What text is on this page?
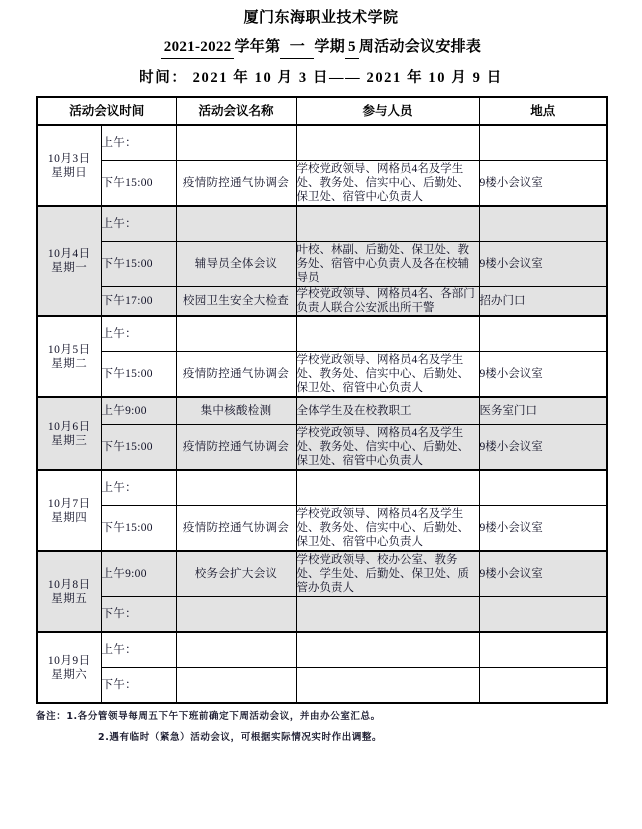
厦门东海职业技术学院
2021-2022 学年第 一 学期 5 周活动会议安排表
时间： 2021 年 10 月 3 日—— 2021 年 10 月 9 日
活动会议时间		活动会议名称	参与人员	地点
10月3日
星期日	上午：			
	下午15:00	疫情防控通气协调会	学校党政领导、网格员4名及学生处、教务处、信实中心、后勤处、保卫处、宿管中心负责人	9楼小会议室
10月4日
星期一	上午：			
	下午15:00	辅导员全体会议	叶校、林副、后勤处、保卫处、教务处、宿管中心负责人及各在校辅导员	9楼小会议室
	下午17:00	校园卫生安全大检查	学校党政领导、网格员4名、各部门负责人联合公安派出所干警	招办门口
10月5日
星期二	上午：			
	下午15:00	疫情防控通气协调会	学校党政领导、网格员4名及学生处、教务处、信实中心、后勤处、保卫处、宿管中心负责人	9楼小会议室
10月6日
星期三	上午9:00	集中核酸检测	全体学生及在校教职工	医务室门口
	下午15:00	疫情防控通气协调会	学校党政领导、网格员4名及学生处、教务处、信实中心、后勤处、保卫处、宿管中心负责人	9楼小会议室
10月7日
星期四	上午：			
	下午15:00	疫情防控通气协调会	学校党政领导、网格员4名及学生处、教务处、信实中心、后勤处、保卫处、宿管中心负责人	9楼小会议室
10月8日
星期五	上午9:00	校务会扩大会议	学校党政领导、校办公室、教务处、学生处、后勤处、保卫处、质管办负责人	9楼小会议室
	下午：			
10月9日
星期六	上午：			
	下午：			
备注：1.各分管领导每周五下午下班前确定下周活动会议，并由办公室汇总。
2.遇有临时（紧急）活动会议，可根据实际情况实时作出调整。
